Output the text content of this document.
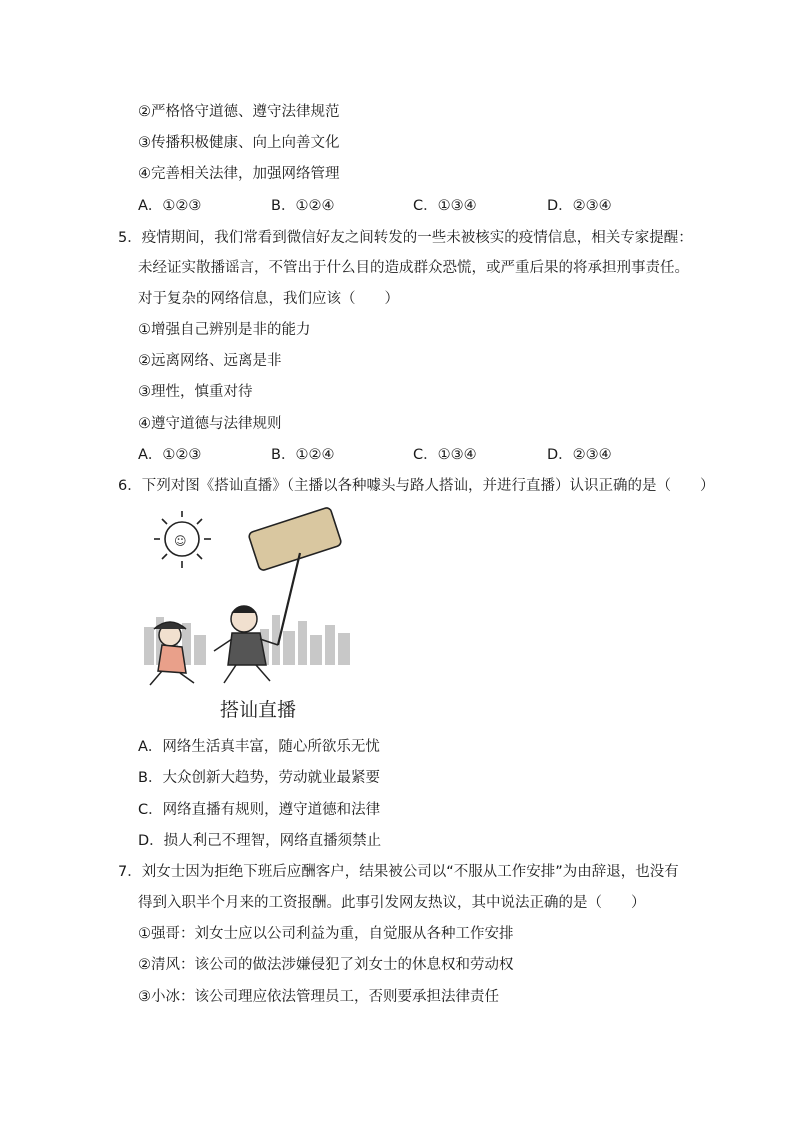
②严格恪守道德、遵守法律规范
③传播积极健康、向上向善文化
④完善相关法律，加强网络管理
A．①②③	B．①②④	C．①③④	D．②③④
5．疫情期间，我们常看到微信好友之间转发的一些未被核实的疫情信息，相关专家提醒：
未经证实散播谣言，不管出于什么目的造成群众恐慌，或严重后果的将承担刑事责任。
对于复杂的网络信息，我们应该（　　）
①增强自己辨别是非的能力
②远离网络、远离是非
③理性，慎重对待
④遵守道德与法律规则
A．①②③	B．①②④	C．①③④	D．②③④
6．下列对图《搭讪直播》（主播以各种噱头与路人搭讪，并进行直播）认识正确的是（　　）
☺
搭讪直播
A．网络生活真丰富，随心所欲乐无忧
B．大众创新大趋势，劳动就业最紧要
C．网络直播有规则，遵守道德和法律
D．损人利己不理智，网络直播须禁止
7．刘女士因为拒绝下班后应酬客户，结果被公司以“不服从工作安排”为由辞退，也没有
得到入职半个月来的工资报酬。此事引发网友热议，其中说法正确的是（　　）
①强哥：刘女士应以公司利益为重，自觉服从各种工作安排
②清风：该公司的做法涉嫌侵犯了刘女士的休息权和劳动权
③小冰：该公司理应依法管理员工，否则要承担法律责任
